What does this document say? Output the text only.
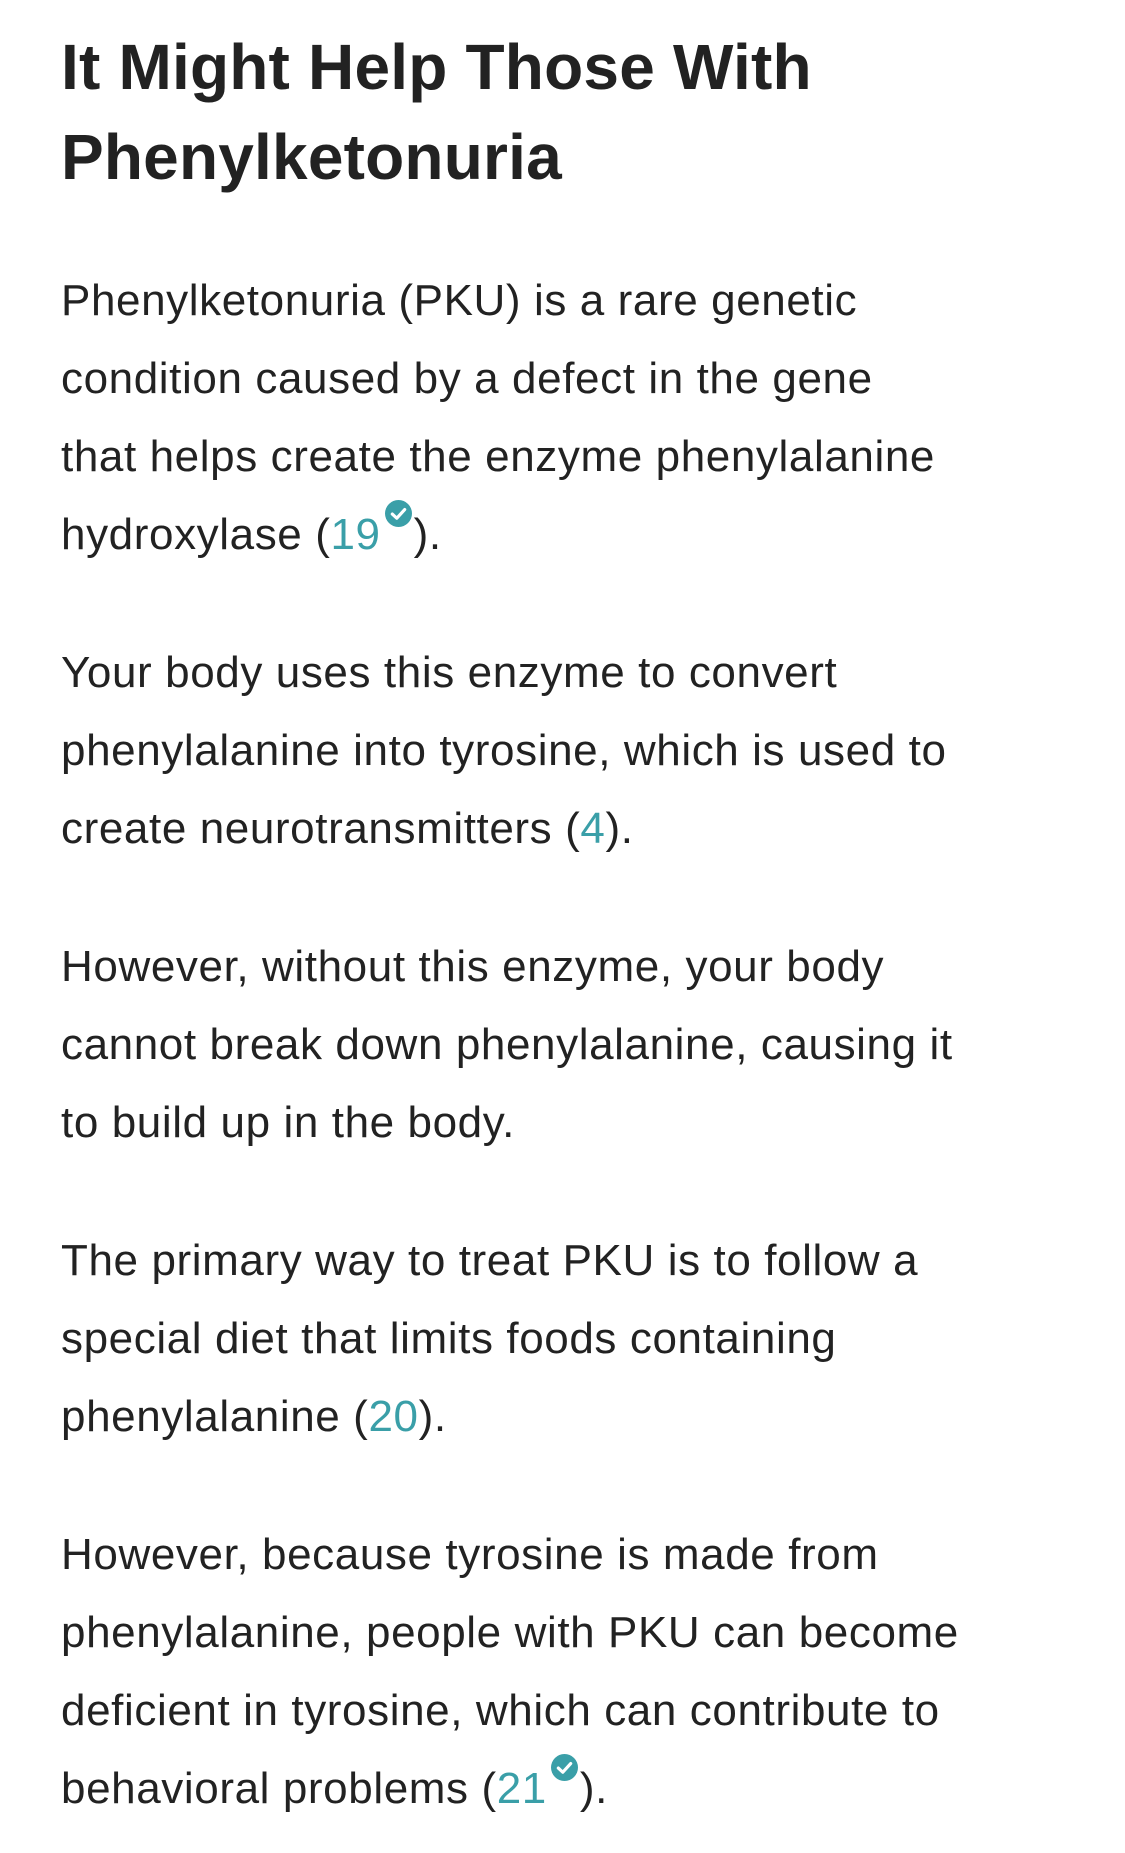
It Might Help Those With
Phenylketonuria

Phenylketonuria (PKU) is a rare genetic
condition caused by a defect in the gene
that helps create the enzyme phenylalanine
hydroxylase (19 ).

Your body uses this enzyme to convert
phenylalanine into tyrosine, which is used to
create neurotransmitters (4).

However, without this enzyme, your body
cannot break down phenylalanine, causing it
to build up in the body.

The primary way to treat PKU is to follow a
special diet that limits foods containing
phenylalanine (20).

However, because tyrosine is made from
phenylalanine, people with PKU can become
deficient in tyrosine, which can contribute to
behavioral problems (21 ).
